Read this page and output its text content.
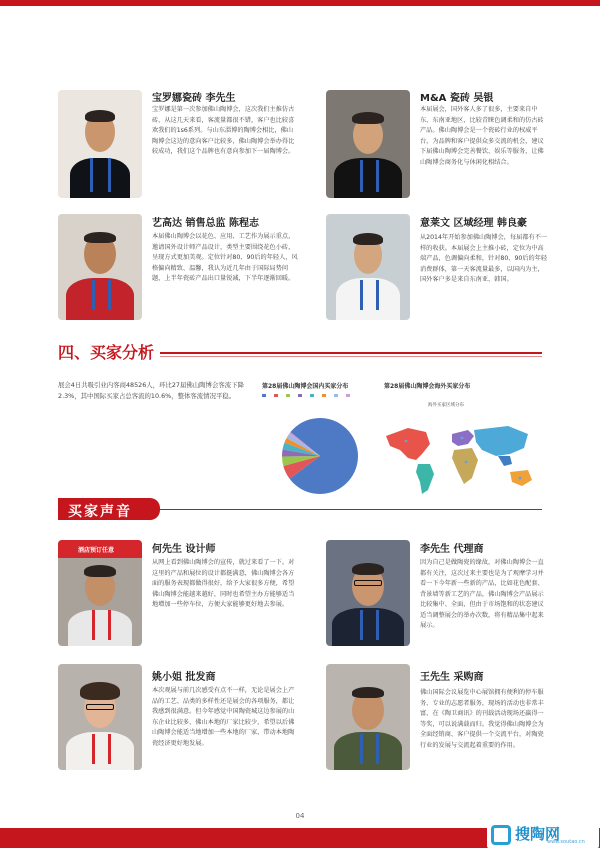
宝罗娜瓷砖 李先生
宝罗娜是第一次参加佛山陶博会，这次我们主推仿古砖，从这几天来看，客流量都很不错，客户也比较喜欢我们的1s6系列。与山东淄博的陶博会相比，佛山陶博会这边的意向客户比较多，佛山陶博会举办得比较成功，我们这个品牌也有意向参加下一届陶博会。
M&A 瓷砖 吴银
本届展会，国外客人多了很多，主要来自中东、东南亚地区，比较青睐色调柔和的仿古砖产品。佛山陶博会是一个瓷砖行业的权威平台，为品牌和客户提供众多交流的机会，建议下届佛山陶博会完善餐饮、娱乐等服务，让佛山陶博会商务化与休闲化相结合。
艺高达 销售总监 陈程志
本届佛山陶博会以花色、应用、工艺作为展示重点，邀请国外设计师产品设计，类型主要围绕花色小砖，呈现方式更加美观。定位针对80、90后的年轻人，风格偏向精致、温馨，我认为近几年由于国际局势问题，上半年瓷砖产品出口量锐减，下半年逐渐回暖。
意莱文 区域经理 韩良豪
从2014年开始参加佛山陶博会，每届都有不一样的收获。本届展会上主推小砖，定位为中高端产品，色调偏向柔和，针对80、90后的年轻消费群体，第一天客流量最多，以国内为主，国外客户多是来自东南亚、韩国。
四、买家分析
展会4日共吸引业内客商48526人，环比27届佛山陶博会客流下降2.3%，其中国际买家占总客流的10.6%，整体客流情况平稳。
第28届佛山陶博会国内买家分布	第28届佛山陶博会海外买家分布
海外买家区域分布
买家声音
酒店预订任意	何先生 设计师
从网上看到佛山陶博会的宣传，就过来看了一下。对这里的产品和展位的设计都挺满意，佛山陶博会各方面的服务表现都做得很好，给予大家很多方便，希望佛山陶博会能越来越好，同时也希望主办方能够适当地增加一些停车位，方便大家能够更好地去参展。
李先生 代理商
因为自己是做陶瓷的缘故，对佛山陶博会一直都有关注，这次过来主要也是为了观摩学习并看一下今年新一些新的产品，比如花色配套、背景墙等新工艺的产品，佛山陶博会产品展示比较集中、全面，但由于市场饱和的状态建议适当调整展会的举办次数，将有精品集中起来展示。
姚小姐 批发商
本次观展与前几次感受有点不一样，无论是展会上产品的工艺、品类的多样性还是展会的各项服务，都让我感到很满意。但今年感觉中国陶瓷城这边参展的山东企业比较多，佛山本地的厂家比较少，希望以后佛山陶博会能适当地增加一些本地的厂家，带动本地陶瓷经济更好地发展。
王先生 采购商
佛山国际会议展览中心展馆拥有便利的停车服务、专业的志愿者服务，现场的活动也非常丰富，在《陶卫商讯》的刊载活动现场还赢得一等奖，可以说满载而归。我觉得佛山陶博会为全面经销商、客户提供一个交流平台，对陶瓷行业的发展与交流起着重要的作用。
04
搜陶网
www.soutao.cn
